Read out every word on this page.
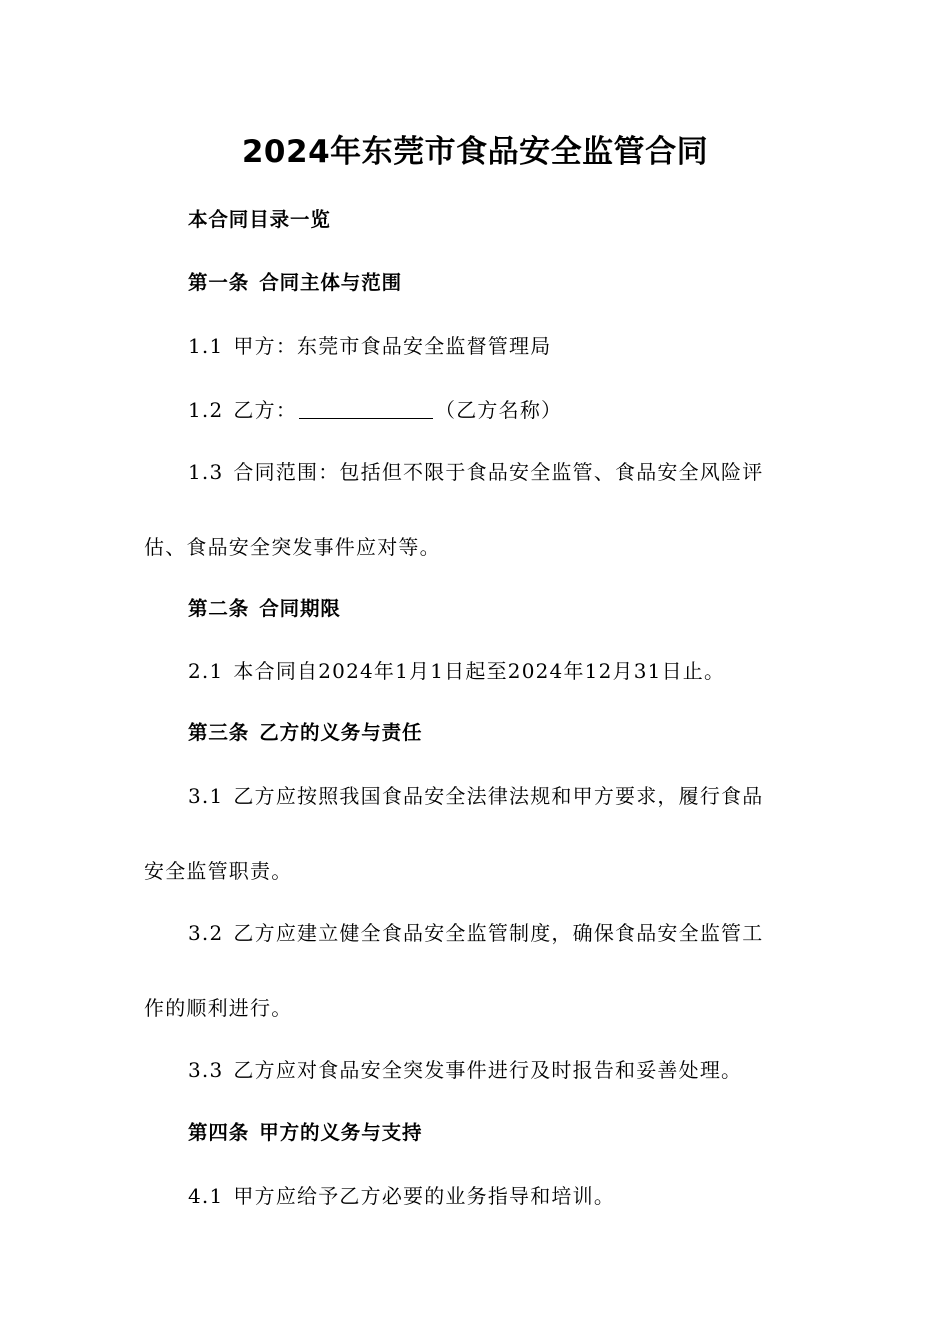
2024年东莞市食品安全监管合同
本合同目录一览
第一条 合同主体与范围
1.1 甲方：东莞市食品安全监督管理局
1.2 乙方：	（乙方名称）
1.3 合同范围：包括但不限于食品安全监管、食品安全风险评
估、食品安全突发事件应对等。
第二条 合同期限
2.1 本合同自2024年1月1日起至2024年12月31日止。
第三条 乙方的义务与责任
3.1 乙方应按照我国食品安全法律法规和甲方要求，履行食品
安全监管职责。
3.2 乙方应建立健全食品安全监管制度，确保食品安全监管工
作的顺利进行。
3.3 乙方应对食品安全突发事件进行及时报告和妥善处理。
第四条 甲方的义务与支持
4.1 甲方应给予乙方必要的业务指导和培训。
